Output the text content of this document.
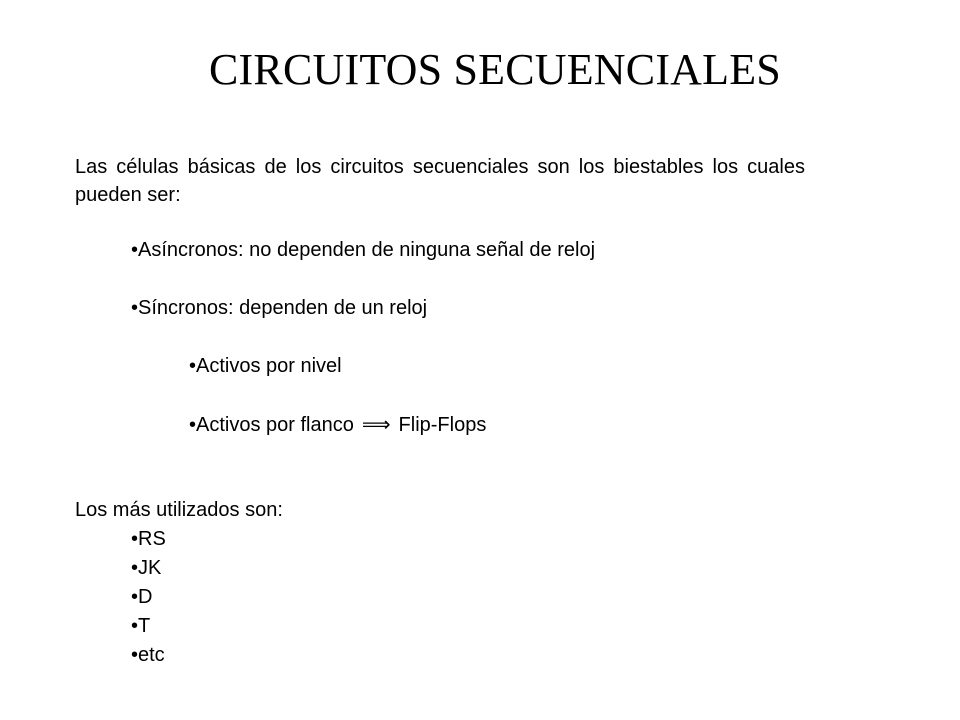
CIRCUITOS SECUENCIALES
Las células básicas de los circuitos secuenciales son los biestables los cuales pueden ser:
•Asíncronos: no dependen de ninguna señal de reloj
•Síncronos: dependen de un reloj
•Activos por nivel
•Activos por flanco ⟹ Flip-Flops
Los más utilizados son:
•RS
•JK
•D
•T
•etc
